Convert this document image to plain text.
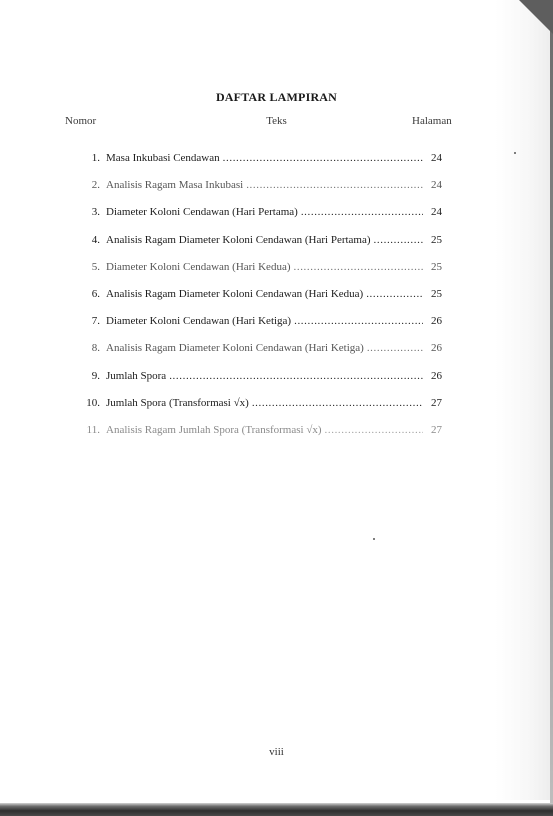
DAFTAR LAMPIRAN
Nomor	Teks	Halaman
1. Masa Inkubasi Cendawan .....	24
2. Analisis Ragam Masa Inkubasi .....	24
3. Diameter Koloni Cendawan (Hari Pertama) .....	24
4. Analisis Ragam Diameter Koloni Cendawan (Hari Pertama) .....	25
5. Diameter Koloni Cendawan (Hari Kedua) .....	25
6. Analisis Ragam Diameter Koloni Cendawan (Hari Kedua) .....	25
7. Diameter Koloni Cendawan (Hari Ketiga) .....	26
8. Analisis Ragam Diameter Koloni Cendawan (Hari Ketiga) .....	26
9. Jumlah Spora .....	26
10. Jumlah Spora (Transformasi √x) .....	27
11. Analisis Ragam Jumlah Spora (Transformasi √x) .....	27
viii
